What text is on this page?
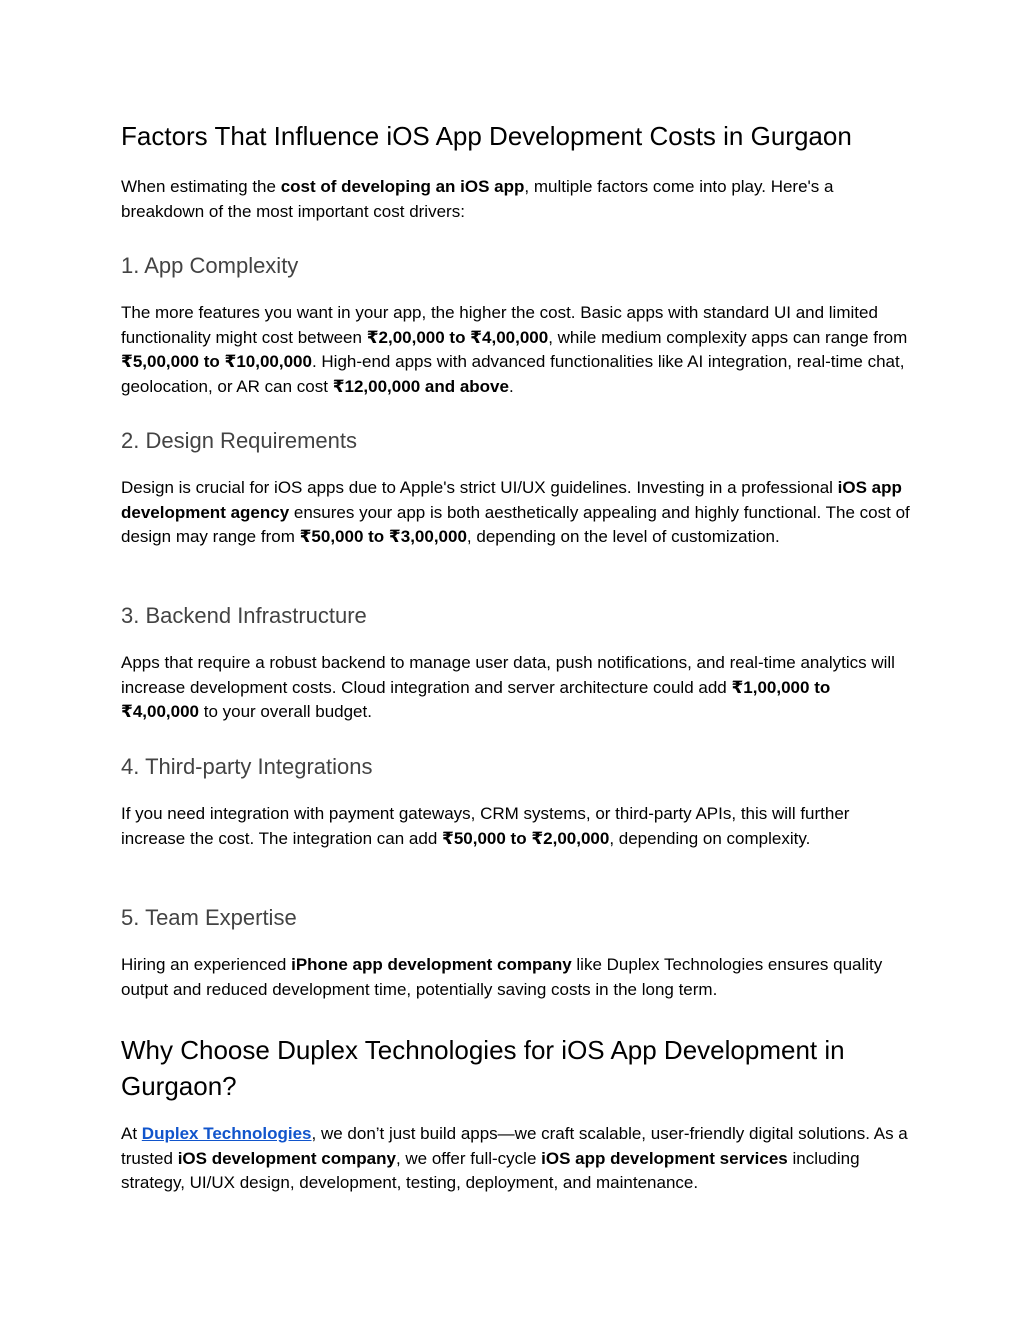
Factors That Influence iOS App Development Costs in Gurgaon

When estimating the cost of developing an iOS app, multiple factors come into play. Here's a breakdown of the most important cost drivers:

1. App Complexity

The more features you want in your app, the higher the cost. Basic apps with standard UI and limited functionality might cost between ₹2,00,000 to ₹4,00,000, while medium complexity apps can range from ₹5,00,000 to ₹10,00,000. High-end apps with advanced functionalities like AI integration, real-time chat, geolocation, or AR can cost ₹12,00,000 and above.

2. Design Requirements

Design is crucial for iOS apps due to Apple's strict UI/UX guidelines. Investing in a professional iOS app development agency ensures your app is both aesthetically appealing and highly functional. The cost of design may range from ₹50,000 to ₹3,00,000, depending on the level of customization.

3. Backend Infrastructure

Apps that require a robust backend to manage user data, push notifications, and real-time analytics will increase development costs. Cloud integration and server architecture could add ₹1,00,000 to ₹4,00,000 to your overall budget.

4. Third-party Integrations

If you need integration with payment gateways, CRM systems, or third-party APIs, this will further increase the cost. The integration can add ₹50,000 to ₹2,00,000, depending on complexity.

5. Team Expertise

Hiring an experienced iPhone app development company like Duplex Technologies ensures quality output and reduced development time, potentially saving costs in the long term.

Why Choose Duplex Technologies for iOS App Development in Gurgaon?

At Duplex Technologies, we don’t just build apps—we craft scalable, user-friendly digital solutions. As a trusted iOS development company, we offer full-cycle iOS app development services including strategy, UI/UX design, development, testing, deployment, and maintenance.
